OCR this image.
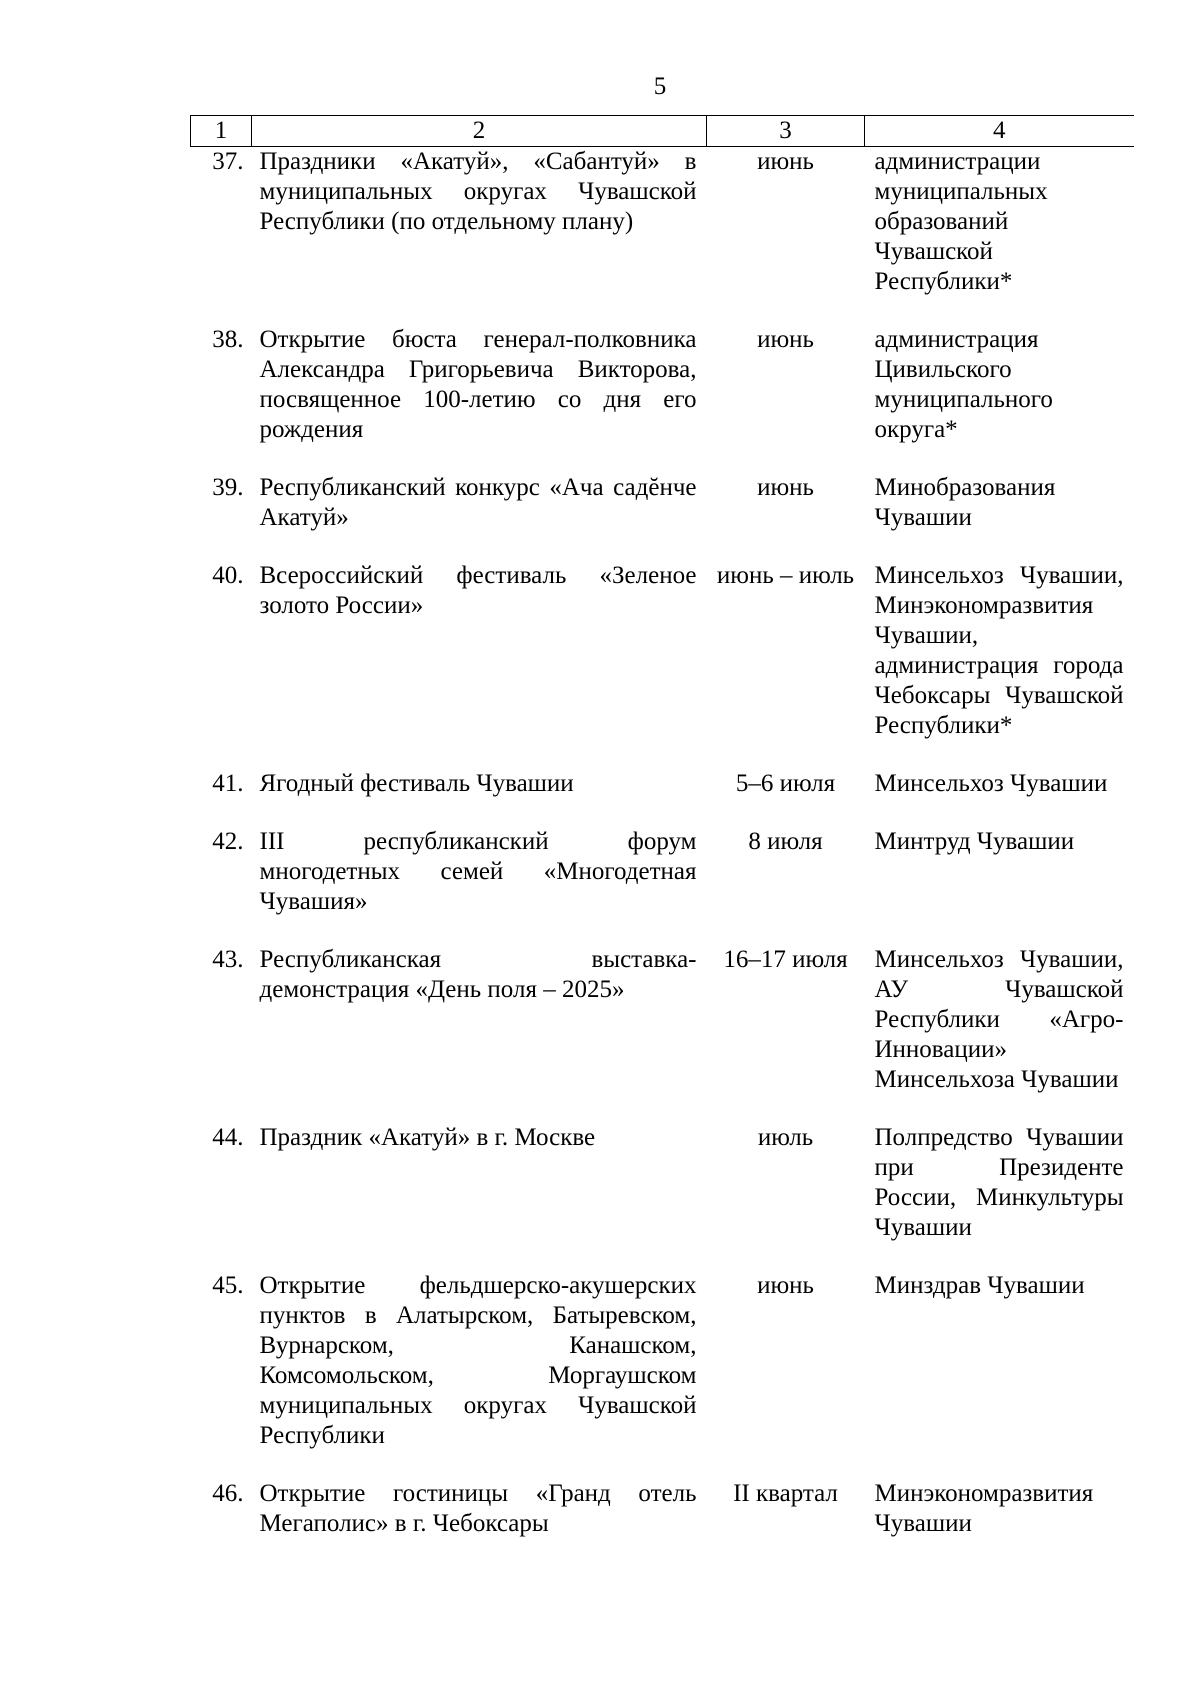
5
1	2	3	4
37.	Праздники «Акатуй», «Сабантуй» в муниципальных округах Чувашской Республики (по отдельному плану)	июнь	администрации муниципальных образований Чувашской Республики*

38.	Открытие бюста генерал-полковника Александра Григорьевича Викторова, посвященное 100-летию со дня его рождения	июнь	администрация Цивильского муниципального округа*

39.	Республиканский конкурс «Ача садĕнче Акатуй»	июнь	Минобразования Чувашии

40.	Всероссийский фестиваль «Зеленое золото России»	июнь – июль	Минсельхоз Чувашии, Минэкономразвития Чувашии, администрация города Чебоксары Чувашской Республики*

41.	Ягодный фестиваль Чувашии	5–6 июля	Минсельхоз Чувашии

42.	III республиканский форум многодетных семей «Многодетная Чувашия»	8 июля	Минтруд Чувашии

43.	Республиканская выставка-демонстрация «День поля – 2025»	16–17 июля	Минсельхоз Чувашии, АУ Чувашской Республики «Агро-Инновации» Минсельхоза Чувашии

44.	Праздник «Акатуй» в г. Москве	июль	Полпредство Чувашии при Президенте России, Минкультуры Чувашии

45.	Открытие фельдшерско-акушерских пунктов в Алатырском, Батыревском, Вурнарском, Канашском, Комсомольском, Моргаушском муниципальных округах Чувашской Республики	июнь	Минздрав Чувашии

46.	Открытие гостиницы «Гранд отель Мегаполис» в г. Чебоксары	II квартал	Минэкономразвития Чувашии
